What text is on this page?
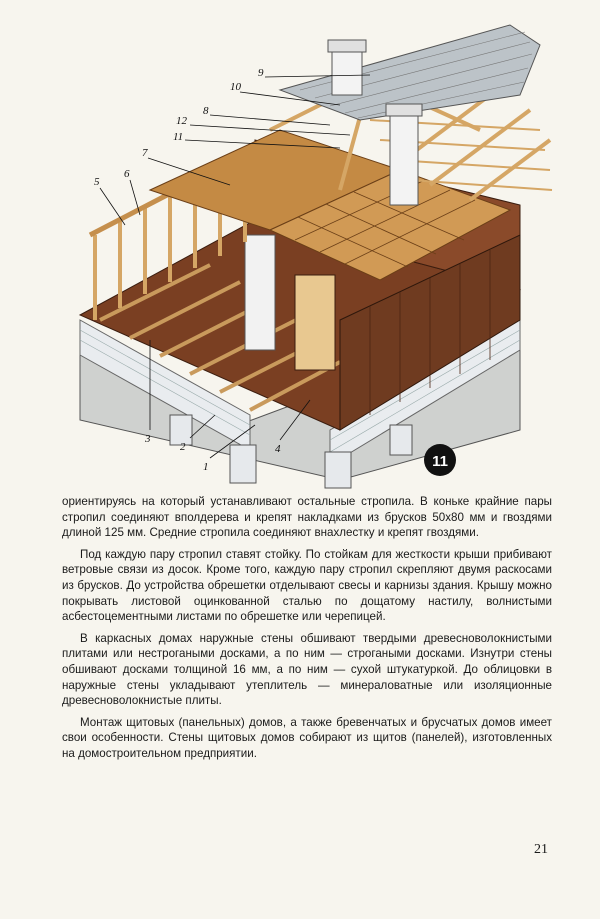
1
2
3
4
5
6
7
8
9
10
11
12
11

ориентируясь на который устанавливают остальные стропила. В коньке крайние пары стропил соединяют вполдерева и крепят накладками из брусков 50х80 мм и гвоздями длиной 125 мм. Средние стропила соединяют внахлестку и крепят гвоздями.

Под каждую пару стропил ставят стойку. По стойкам для жесткости крыши прибивают ветровые связи из досок. Кроме того, каждую пару стропил скрепляют двумя раскосами из брусков. До устройства обрешетки отделывают свесы и карнизы здания. Крышу можно покрывать листовой оцинкованной сталью по дощатому настилу, волнистыми асбестоцементными листами по обрешетке или черепицей.

В каркасных домах наружные стены обшивают твердыми древесноволокнистыми плитами или нестрогаными досками, а по ним — строгаными досками. Изнутри стены обшивают досками толщиной 16 мм, а по ним — сухой штукатуркой. До облицовки в наружные стены укладывают утеплитель — минераловатные или изоляционные древесноволокнистые плиты.

Монтаж щитовых (панельных) домов, а также бревенчатых и брусчатых домов имеет свои особенности. Стены щитовых домов собирают из щитов (панелей), изготовленных на домостроительном предприятии.

21
